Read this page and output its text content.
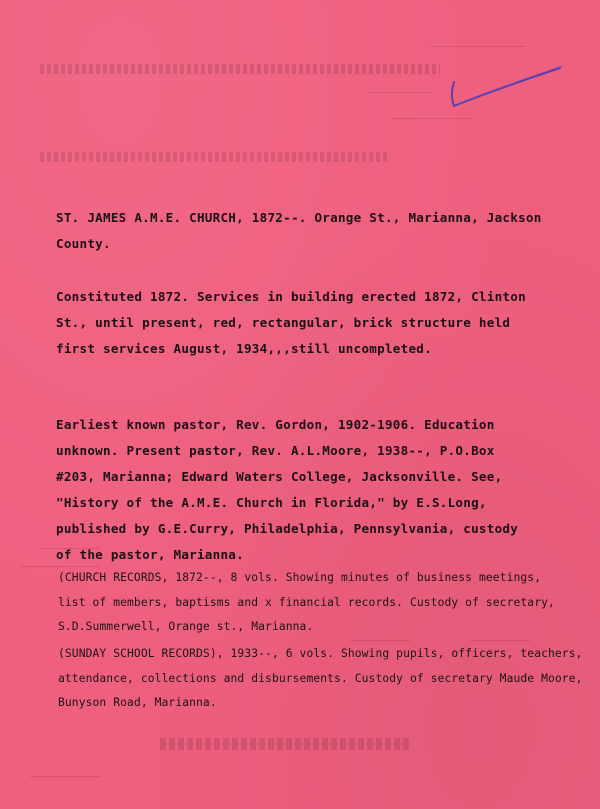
ST. JAMES A.M.E. CHURCH, 1872--. Orange St., Marianna, Jackson
County.
Constituted 1872. Services in building erected 1872, Clinton
St., until present, red, rectangular, brick structure held
first services August, 1934,,,still uncompleted.
Earliest known pastor, Rev. Gordon, 1902-1906. Education
unknown. Present pastor, Rev. A.L.Moore, 1938--, P.O.Box
#203, Marianna; Edward Waters College, Jacksonville. See,
"History of the A.M.E. Church in Florida," by E.S.Long,
published by G.E.Curry, Philadelphia, Pennsylvania, custody
of the pastor, Marianna.
(CHURCH RECORDS, 1872--, 8 vols. Showing minutes of business meetings,
list of members, baptisms and x financial records. Custody of secretary,
S.D.Summerwell, Orange st., Marianna.
(SUNDAY SCHOOL RECORDS), 1933--, 6 vols. Showing pupils, officers, teachers,
attendance, collections and disbursements. Custody of secretary Maude Moore,
Bunyson Road, Marianna.
